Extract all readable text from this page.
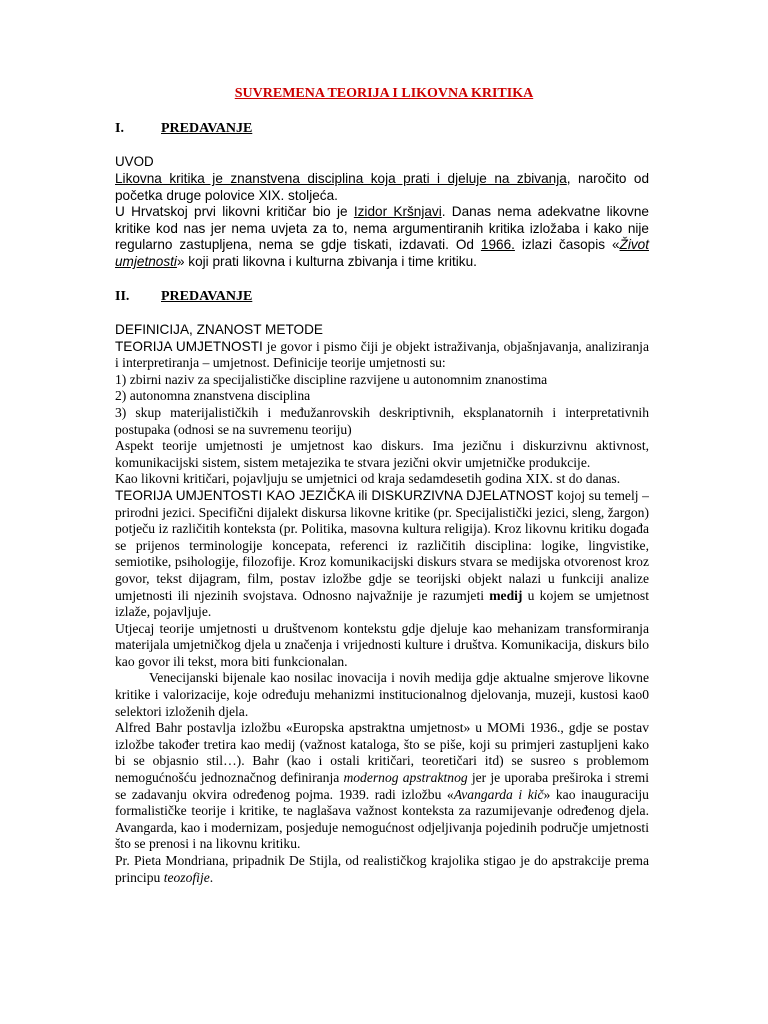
SUVREMENA TEORIJA I LIKOVNA KRITIKA
I.	PREDAVANJE
UVOD

Likovna kritika je znanstvena disciplina koja prati i djeluje na zbivanja, naročito od početka druge polovice XIX. stoljeća.

U Hrvatskoj prvi likovni kritičar bio je Izidor Kršnjavi. Danas nema adekvatne likovne kritike kod nas jer nema uvjeta za to, nema argumentiranih kritika izložaba i kako nije regularno zastupljena, nema se gdje tiskati, izdavati. Od 1966. izlazi časopis «Život umjetnosti» koji prati likovna i kulturna zbivanja i time kritiku.

II. PREDAVANJE

DEFINICIJA, ZNANOST METODE

TEORIJA UMJETNOSTI je govor i pismo čiji je objekt istraživanja, objašnjavanja, analiziranja i interpretiranja – umjetnost. Definicije teorije umjetnosti su:

1) zbirni naziv za specijalističke discipline razvijene u autonomnim znanostima

2) autonomna znanstvena disciplina

3) skup materijalističkih i međužanrovskih deskriptivnih, eksplanatornih i interpretativnih postupaka (odnosi se na suvremenu teoriju)

Aspekt teorije umjetnosti je umjetnost kao diskurs. Ima jezičnu i diskurzivnu aktivnost, komunikacijski sistem, sistem metajezika te stvara jezični okvir umjetničke produkcije.

Kao likovni kritičari, pojavljuju se umjetnici od kraja sedamdesetih godina XIX. st do danas.

TEORIJA UMJENTOSTI KAO JEZIČKA ili DISKURZIVNA DJELATNOST kojoj su temelj – prirodni jezici. Specifični dijalekt diskursa likovne kritike (pr. Specijalistički jezici, sleng, žargon) potječu iz različitih konteksta (pr. Politika, masovna kultura religija). Kroz likovnu kritiku događa se prijenos terminologije koncepata, referenci iz različitih disciplina: logike, lingvistike, semiotike, psihologije, filozofije. Kroz komunikacijski diskurs stvara se medijska otvorenost kroz govor, tekst dijagram, film, postav izložbe gdje se teorijski objekt nalazi u funkciji analize umjetnosti ili njezinih svojstava. Odnosno najvažnije je razumjeti medij u kojem se umjetnost izlaže, pojavljuje.

Utjecaj teorije umjetnosti u društvenom kontekstu gdje djeluje kao mehanizam transformiranja materijala umjetničkog djela u značenja i vrijednosti kulture i društva. Komunikacija, diskurs bilo kao govor ili tekst, mora biti funkcionalan.

Venecijanski bijenale kao nosilac inovacija i novih medija gdje aktualne smjerove likovne kritike i valorizacije, koje određuju mehanizmi institucionalnog djelovanja, muzeji, kustosi kao0 selektori izloženih djela.

Alfred Bahr postavlja izložbu «Europska apstraktna umjetnost» u MOMi 1936., gdje se postav izložbe također tretira kao medij (važnost kataloga, što se piše, koji su primjeri zastupljeni kako bi se objasnio stil…). Bahr (kao i ostali kritičari, teoretičari itd) se susreo s problemom nemogućnošću jednoznačnog definiranja modernog apstraktnog jer je uporaba preširoka i stremi se zadavanju okvira određenog pojma. 1939. radi izložbu «Avangarda i kič» kao inauguraciju formalističke teorije i kritike, te naglašava važnost konteksta za razumijevanje određenog djela. Avangarda, kao i modernizam, posjeduje nemogućnost odjeljivanja pojedinih područje umjetnosti što se prenosi i na likovnu kritiku.

Pr. Pieta Mondriana, pripadnik De Stijla, od realističkog krajolika stigao je do apstrakcije prema principu teozofije.
